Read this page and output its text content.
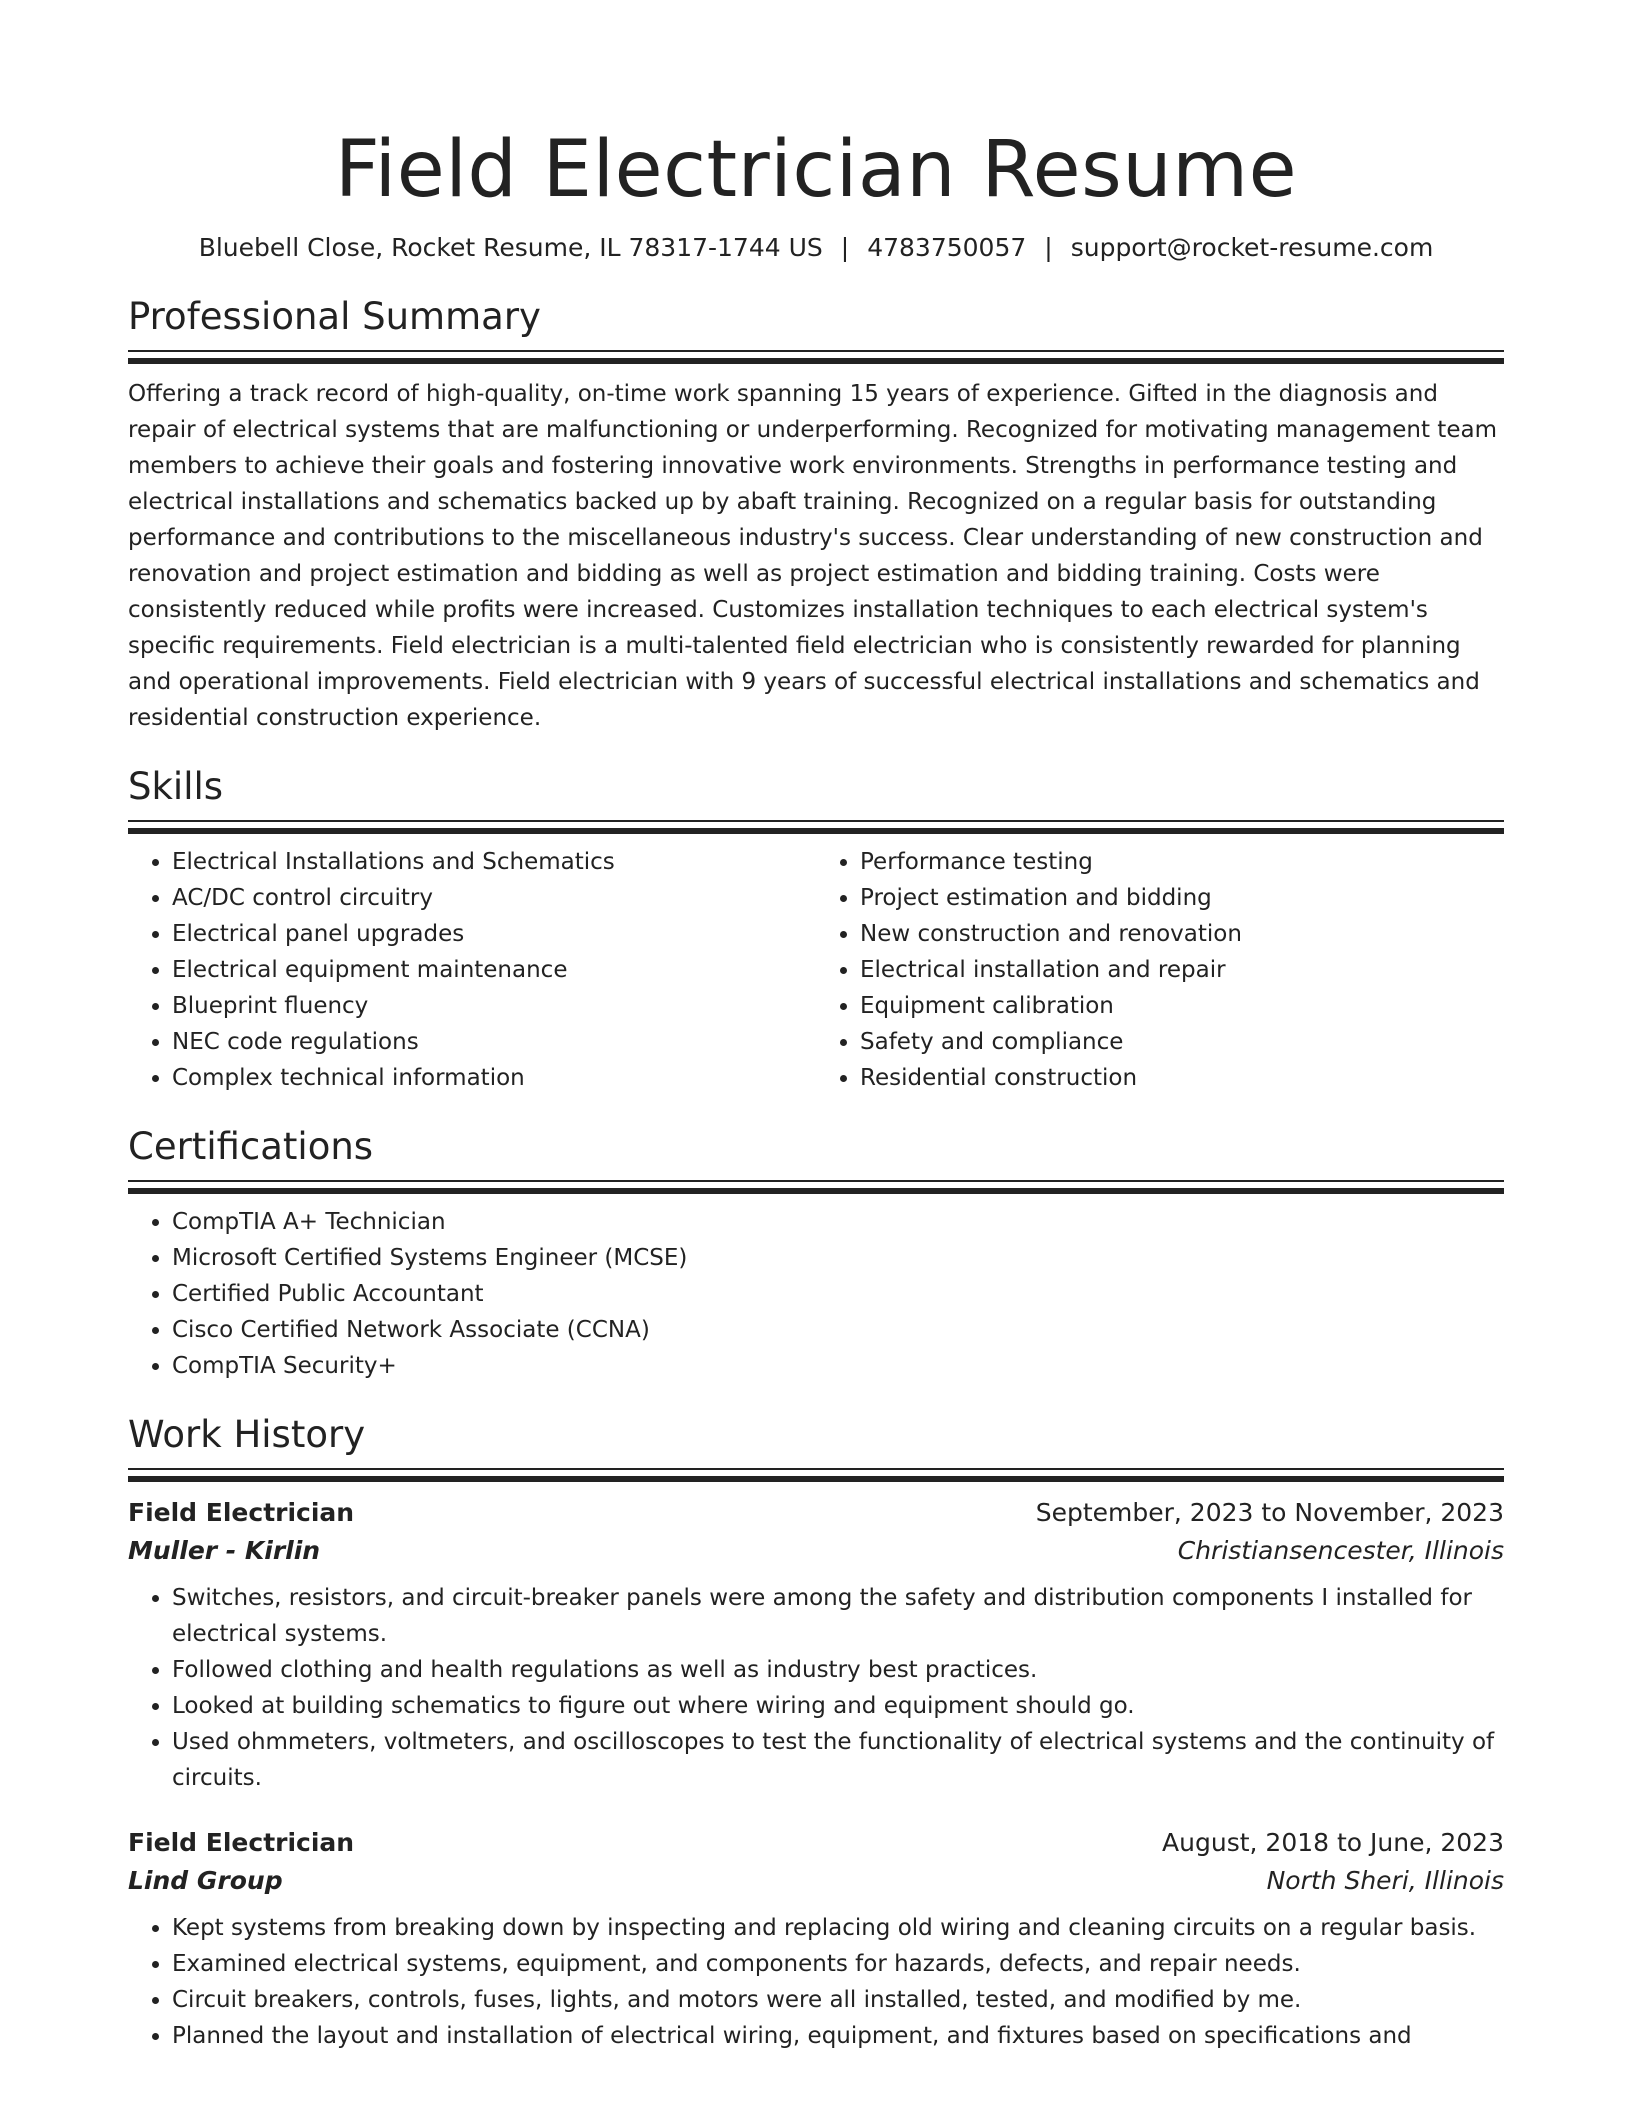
Field Electrician Resume
Bluebell Close, Rocket Resume, IL 78317-1744 US | 4783750057 | support@rocket-resume.com
Professional Summary

Offering a track record of high-quality, on-time work spanning 15 years of experience. Gifted in the diagnosis and repair of electrical systems that are malfunctioning or underperforming. Recognized for motivating management team members to achieve their goals and fostering innovative work environments. Strengths in performance testing and electrical installations and schematics backed up by abaft training. Recognized on a regular basis for outstanding performance and contributions to the miscellaneous industry's success. Clear understanding of new construction and renovation and project estimation and bidding as well as project estimation and bidding training. Costs were consistently reduced while profits were increased. Customizes installation techniques to each electrical system's specific requirements. Field electrician is a multi-talented field electrician who is consistently rewarded for planning and operational improvements. Field electrician with 9 years of successful electrical installations and schematics and residential construction experience.

Skills
• Electrical Installations and Schematics
• AC/DC control circuitry
• Electrical panel upgrades
• Electrical equipment maintenance
• Blueprint fluency
• NEC code regulations
• Complex technical information
• Performance testing
• Project estimation and bidding
• New construction and renovation
• Electrical installation and repair
• Equipment calibration
• Safety and compliance
• Residential construction
Certifications
• CompTIA A+ Technician
• Microsoft Certified Systems Engineer (MCSE)
• Certified Public Accountant
• Cisco Certified Network Associate (CCNA)
• CompTIA Security+
Work History
Field Electrician	September, 2023 to November, 2023
Muller - Kirlin	Christiansencester, Illinois
• Switches, resistors, and circuit-breaker panels were among the safety and distribution components I installed for electrical systems.
• Followed clothing and health regulations as well as industry best practices.
• Looked at building schematics to figure out where wiring and equipment should go.
• Used ohmmeters, voltmeters, and oscilloscopes to test the functionality of electrical systems and the continuity of circuits.
Field Electrician	August, 2018 to June, 2023
Lind Group	North Sheri, Illinois
• Kept systems from breaking down by inspecting and replacing old wiring and cleaning circuits on a regular basis.
• Examined electrical systems, equipment, and components for hazards, defects, and repair needs.
• Circuit breakers, controls, fuses, lights, and motors were all installed, tested, and modified by me.
• Planned the layout and installation of electrical wiring, equipment, and fixtures based on specifications and
